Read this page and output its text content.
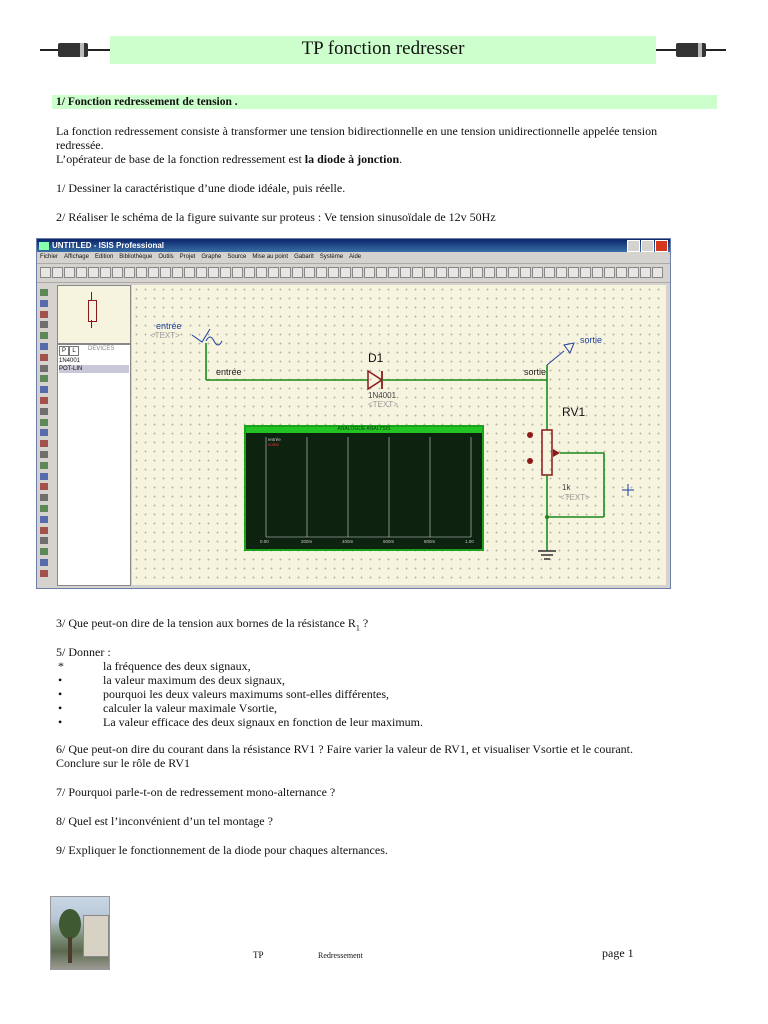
TP fonction redresser
1/ Fonction redressement de tension .
La fonction redressement consiste à transformer une tension bidirectionnelle en une tension unidirectionnelle appelée tension
redressée.
L’opérateur de base de la fonction redressement est la diode à jonction.
1/ Dessiner la caractéristique d’une diode idéale, puis réelle.
2/ Réaliser le schéma de la figure suivante sur proteus : Ve tension sinusoïdale de 12v 50Hz
UNTITLED - ISIS Professional
Fichier Affichage Edition Bibliothèque Outils Projet Graphe Source Mise au point Gabarit Système Aide
P	L	DEVICES
1N4001
POT-LIN
entrée
<TEXT>
entrée
D1
1N4001
<TEXT>
sortie
sortie
RV1
1k
<TEXT>
ANALOGUE ANALYSIS
entrée
sortie
0.00	200m	400m	600m	800m	1.00
3/ Que peut-on dire de la tension aux bornes de la résistance $R_1$ ?
5/ Donner :
*	la fréquence des deux signaux,
•	la valeur maximum des deux signaux,
•	pourquoi les deux valeurs maximums sont-elles différentes,
•	calculer la valeur maximale Vsortie,
•	La valeur efficace des deux signaux en fonction de leur maximum.
6/ Que peut-on dire du courant dans la résistance RV1 ? Faire varier la valeur de RV1, et visualiser Vsortie et le courant.
Conclure sur le rôle de RV1
7/ Pourquoi parle-t-on de redressement mono-alternance ?
8/ Quel est l’inconvénient d’un tel montage ?
9/ Expliquer le fonctionnement de la diode pour chaques alternances.
TP	Redressement	page 1
